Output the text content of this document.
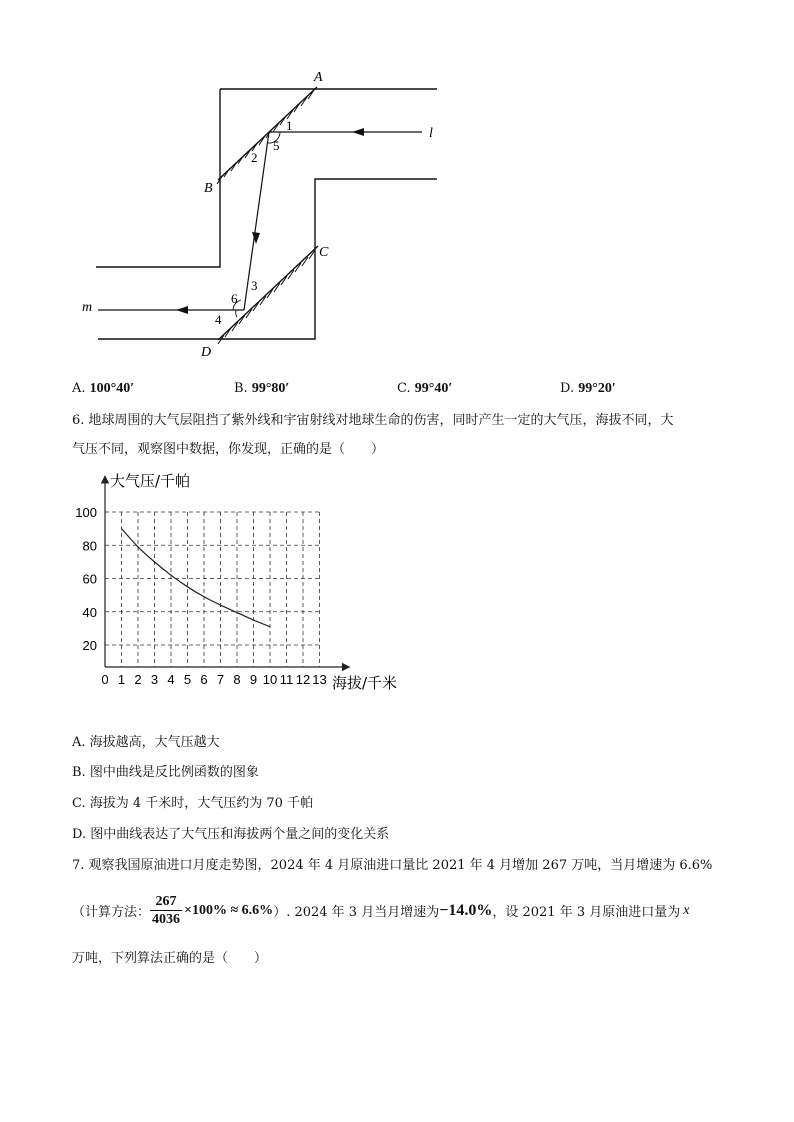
A
B
C
D
l
m
1
2
5
3
6
4
A. 100°40′	B. 99°80′	C. 99°40′	D. 99°20′
6. 地球周围的大气层阻挡了紫外线和宇宙射线对地球生命的伤害，同时产生一定的大气压，海拔不同，大
气压不同，观察图中数据，你发现，正确的是（　　）
0 1 2 3 4 5 6 7 8 9 10 11 12 13
20
40
60
80
100
大气压/千帕
海拔/千米
A. 海拔越高，大气压越大
B. 图中曲线是反比例函数的图象
C. 海拔为 4 千米时，大气压约为 70 千帕
D. 图中曲线表达了大气压和海拔两个量之间的变化关系
7. 观察我国原油进口月度走势图，2024 年 4 月原油进口量比 2021 年 4 月增加 267 万吨，当月增速为 6.6%
（计算方法： $\frac{267}{4036} \times 100\% \approx 6.6\%$ ）. 2024 年 3 月当月增速为 −14.0% ，设 2021 年 3 月原油进口量为 x
万吨，下列算法正确的是（　　）
